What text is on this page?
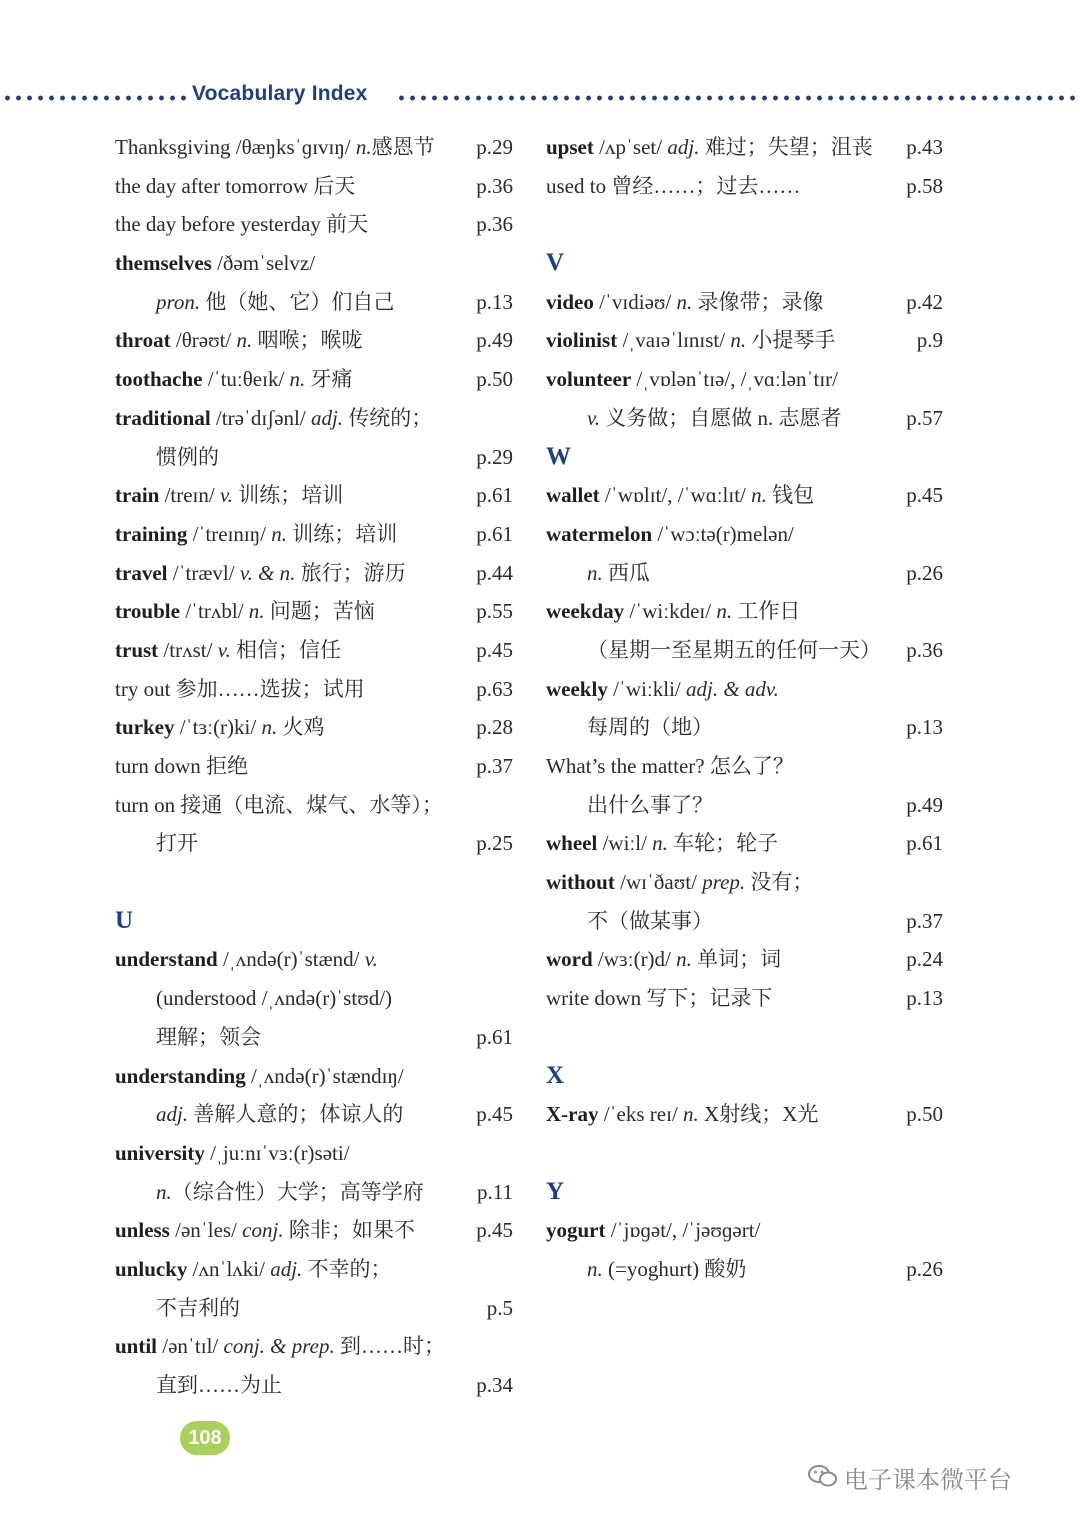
Vocabulary Index
Thanksgiving /θæŋksˈɡɪvɪŋ/ n.感恩节 p.29
the day after tomorrow 后天	p.36
the day before yesterday 前天	p.36
themselves /ðəmˈselvz/
pron. 他（她、它）们自己	p.13
throat /θrəʊt/ n. 咽喉；喉咙	p.49
toothache /ˈtuːθeɪk/ n. 牙痛	p.50
traditional /trəˈdɪʃənl/ adj. 传统的；
惯例的	p.29
train /treɪn/ v. 训练；培训	p.61
training /ˈtreɪnɪŋ/ n. 训练；培训	p.61
travel /ˈtrævl/ v. & n. 旅行；游历	p.44
trouble /ˈtrʌbl/ n. 问题；苦恼	p.55
trust /trʌst/ v. 相信；信任	p.45
try out 参加……选拔；试用	p.63
turkey /ˈtɜː(r)ki/ n. 火鸡	p.28
turn down 拒绝	p.37
turn on 接通（电流、煤气、水等）；
打开	p.25
U
understand /ˌʌndə(r)ˈstænd/ v.
(understood /ˌʌndə(r)ˈstʊd/)
理解；领会	p.61
understanding /ˌʌndə(r)ˈstændɪŋ/
adj. 善解人意的；体谅人的	p.45
university /ˌjuːnɪˈvɜː(r)səti/
n.（综合性）大学；高等学府	p.11
unless /ənˈles/ conj. 除非；如果不	p.45
unlucky /ʌnˈlʌki/ adj. 不幸的；
不吉利的	p.5
until /ənˈtɪl/ conj. & prep. 到……时；
直到……为止	p.34
upset /ʌpˈset/ adj. 难过；失望；沮丧 p.43
used to 曾经……；过去……	p.58
V
video /ˈvɪdiəʊ/ n. 录像带；录像	p.42
violinist /ˌvaɪəˈlɪnɪst/ n. 小提琴手	p.9
volunteer /ˌvɒlənˈtɪə/, /ˌvɑːlənˈtɪr/
v. 义务做；自愿做 n. 志愿者	p.57
W
wallet /ˈwɒlɪt/, /ˈwɑːlɪt/ n. 钱包	p.45
watermelon /ˈwɔːtə(r)melən/
n. 西瓜	p.26
weekday /ˈwiːkdeɪ/ n. 工作日
（星期一至星期五的任何一天） p.36
weekly /ˈwiːkli/ adj. & adv.
每周的（地）	p.13
What’s the matter? 怎么了？
出什么事了？	p.49
wheel /wiːl/ n. 车轮；轮子	p.61
without /wɪˈðaʊt/ prep. 没有；
不（做某事）	p.37
word /wɜː(r)d/ n. 单词；词	p.24
write down 写下；记录下	p.13
X
X-ray /ˈeks reɪ/ n. X射线；X光	p.50
Y
yogurt /ˈjɒɡət/, /ˈjəʊɡərt/
n. (=yoghurt) 酸奶	p.26
108
电子课本微平台
